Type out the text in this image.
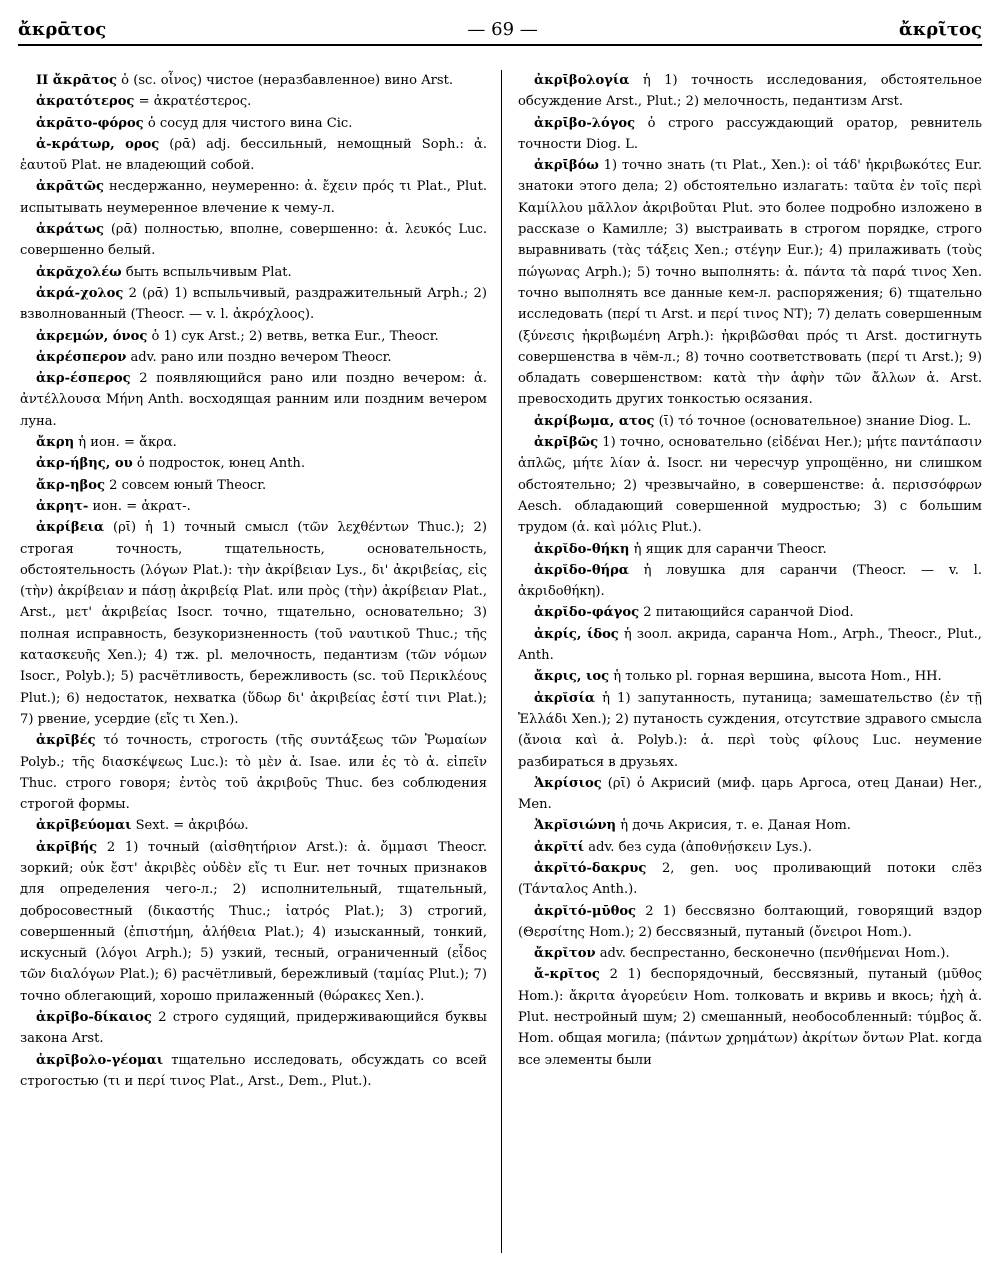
ἄκρᾱτος	— 69 —	ἄκρῖτος

II ἄκρᾱτος ὁ (sc. οἶνος) чистое (неразбавленное) вино Arst.

ἀκρατότερος = ἀκρατέστερος.

ἀκρᾱτο-φόρος ὁ сосуд для чистого вина Cic.

ἀ-κράτωρ, ορος (ρᾱ) adj. бессильный, немощный Soph.: ἀ. ἑαυτοῦ Plat. не владеющий собой.

ἀκρᾱτῶς несдержанно, неумеренно: ἀ. ἔχειν πρός τι Plat., Plut. испытывать неумеренное влечение к чему-л.

ἀκράτως (ρᾱ) полностью, вполне, совершенно: ἀ. λευκός Luc. совершенно белый.

ἀκρᾰχολέω быть вспыльчивым Plat.

ἀκρά-χολος 2 (ρᾱ) 1) вспыльчивый, раздражительный Arph.; 2) взволнованный (Theocr. — v. l. ἀκρόχλοος).

ἀκρεμών, όνος ὁ 1) сук Arst.; 2) ветвь, ветка Eur., Theocr.

ἀκρέσπερον adv. рано или поздно вечером Theocr.

ἀκρ-έσπερος 2 появляющийся рано или поздно вечером: ἀ. ἀντέλλουσα Μήνη Anth. восходящая ранним или поздним вечером луна.

ἄκρη ἡ ион. = ἄκρα.

ἀκρ-ήβης, ου ὁ подросток, юнец Anth.

ἄκρ-ηβος 2 совсем юный Theocr.

ἀκρητ- ион. = ἀκρατ-.

ἀκρίβεια (ρῑ) ἡ 1) точный смысл (τῶν λεχθέντων Thuc.); 2) строгая точность, тщательность, основательность, обстоятельность (λόγων Plat.): τὴν ἀκρίβειαν Lys., δι' ἀκριβείας, εἰς (τὴν) ἀκρίβειαν и πάσῃ ἀκριβείᾳ Plat. или πρὸς (τὴν) ἀκρίβειαν Plat., Arst., μετ' ἀκριβείας Isocr. точно, тщательно, основательно; 3) полная исправность, безукоризненность (τοῦ ναυτικοῦ Thuc.; τῆς κατασκευῆς Xen.); 4) тж. pl. мелочность, педантизм (τῶν νόμων Isocr., Polyb.); 5) расчётливость, бережливость (sc. τοῦ Περικλέους Plut.); 6) недостаток, нехватка (ὕδωρ δι' ἀκριβείας ἐστί τινι Plat.); 7) рвение, усердие (εἴς τι Xen.).

ἀκρῑβές τό точность, строгость (τῆς συντάξεως τῶν Ῥωμαίων Polyb.; τῆς διασκέψεως Luc.): τὸ μὲν ἀ. Isae. или ἐς τὸ ἀ. εἰπεῖν Thuc. строго говоря; ἐντὸς τοῦ ἀκριβοῦς Thuc. без соблюдения строгой формы.

ἀκρῑβεύομαι Sext. = ἀκριβόω.

ἀκρῑβής 2 1) точный (αἰσθητήριον Arst.): ἀ. ὄμμασι Theocr. зоркий; οὐκ ἔστ' ἀκριβὲς οὐδὲν εἴς τι Eur. нет точных признаков для определения чего-л.; 2) исполнительный, тщательный, добросовестный (δικαστής Thuc.; ἰατρός Plat.); 3) строгий, совершенный (ἐπιστήμη, ἀλήθεια Plat.); 4) изысканный, тонкий, искусный (λόγοι Arph.); 5) узкий, тесный, ограниченный (εἶδος τῶν διαλόγων Plat.); 6) расчётливый, бережливый (ταμίας Plut.); 7) точно облегающий, хорошо прилаженный (θώρακες Xen.).

ἀκρῑβο-δίκαιος 2 строго судящий, придерживающийся буквы закона Arst.

ἀκρῑβολο-γέομαι тщательно исследовать, обсуждать со всей строгостью (τι и περί τινος Plat., Arst., Dem., Plut.).

ἀκρῑβολογία ἡ 1) точность исследования, обстоятельное обсуждение Arst., Plut.; 2) мелочность, педантизм Arst.

ἀκρῑβο-λόγος ὁ строго рассуждающий оратор, ревнитель точности Diog. L.

ἀκρῑβόω 1) точно знать (τι Plat., Xen.): οἱ τάδ' ἠκριβωκότες Eur. знатоки этого дела; 2) обстоятельно излагать: ταῦτα ἐν τοῖς περὶ Καμίλλου μᾶλλον ἀκριβοῦται Plut. это более подробно изложено в рассказе о Камилле; 3) выстраивать в строгом порядке, строго выравнивать (τὰς τάξεις Xen.; στέγην Eur.); 4) прилаживать (τοὺς πώγωνας Arph.); 5) точно выполнять: ἀ. πάντα τὰ παρά τινος Xen. точно выполнять все данные кем-л. распоряжения; 6) тщательно исследовать (περί τι Arst. и περί τινος NT); 7) делать совершенным (ξύνεσις ἠκριβωμένη Arph.): ἠκριβῶσθαι πρός τι Arst. достигнуть совершенства в чём-л.; 8) точно соответствовать (περί τι Arst.); 9) обладать совершенством: κατὰ τὴν ἁφὴν τῶν ἄλλων ἀ. Arst. превосходить других тонкостью осязания.

ἀκρίβωμα, ατος (ῑ) τό точное (основательное) знание Diog. L.

ἀκρῑβῶς 1) точно, основательно (εἰδέναι Her.); μήτε παντάπασιν ἁπλῶς, μήτε λίαν ἀ. Isocr. ни чересчур упрощённо, ни слишком обстоятельно; 2) чрезвычайно, в совершенстве: ἀ. περισσόφρων Aesch. обладающий совершенной мудростью; 3) с большим трудом (ἀ. καὶ μόλις Plut.).

ἀκρῐδο-θήκη ἡ ящик для саранчи Theocr.

ἀκρῐδο-θήρα ἡ ловушка для саранчи (Theocr. — v. l. ἀκριδοθήκη).

ἀκρῐδο-φάγος 2 питающийся саранчой Diod.

ἀκρίς, ίδος ἡ зоол. акрида, саранча Hom., Arph., Theocr., Plut., Anth.

ἄκρις, ιος ἡ только pl. горная вершина, высота Hom., HH.

ἀκρῐσία ἡ 1) запутанность, путаница; замешательство (ἐν τῇ Ἑλλάδι Xen.); 2) путаность суждения, отсутствие здравого смысла (ἄνοια καὶ ἀ. Polyb.): ἀ. περὶ τοὺς φίλους Luc. неумение разбираться в друзьях.

Ἀκρίσιος (ρῑ) ὁ Акрисий (миф. царь Аргоса, отец Данаи) Her., Men.

Ἀκρῐσιώνη ἡ дочь Акрисия, т. е. Даная Hom.

ἀκρῐτί adv. без суда (ἀποθνῄσκειν Lys.).

ἀκρῐτό-δακρυς 2, gen. υος проливающий потоки слёз (Τάνταλος Anth.).

ἀκρῐτό-μῡθος 2 1) бессвязно болтающий, говорящий вздор (Θερσίτης Hom.); 2) бессвязный, путаный (ὄνειροι Hom.).

ἄκρῐτον adv. беспрестанно, бесконечно (πενθήμεναι Hom.).

ἄ-κρῐτος 2 1) беспорядочный, бессвязный, путаный (μῦθος Hom.): ἄκριτα ἀγορεύειν Hom. толковать и вкривь и вкось; ἠχὴ ἀ. Plut. нестройный шум; 2) смешанный, необособленный: τύμβος ἄ. Hom. общая могила; (πάντων χρημάτων) ἀκρίτων ὄντων Plat. когда все элементы были
